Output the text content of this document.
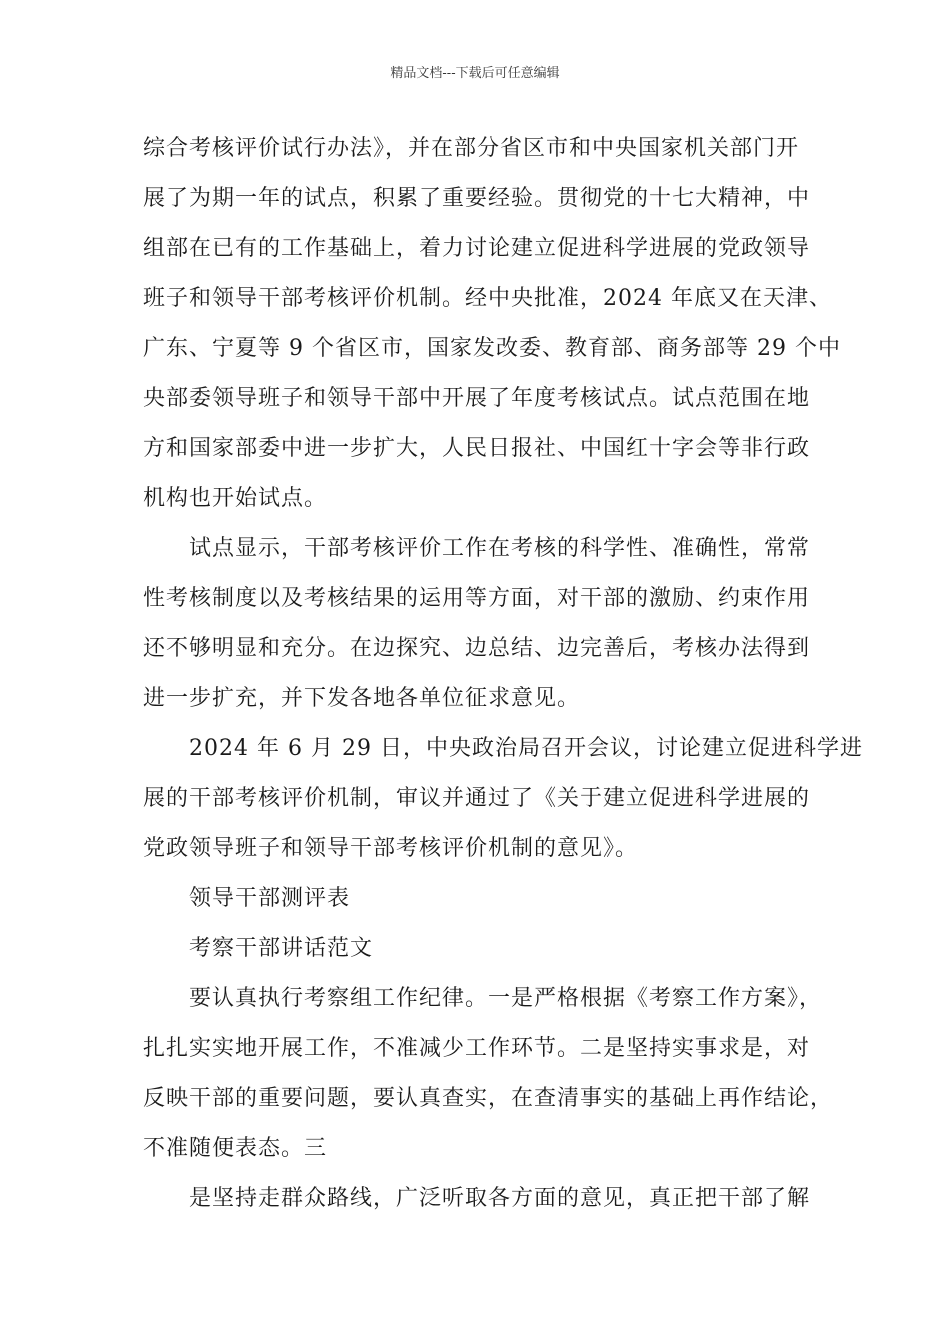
精品文档---下载后可任意编辑
综合考核评价试行办法》，并在部分省区市和中央国家机关部门开
展了为期一年的试点，积累了重要经验。贯彻党的十七大精神，中
组部在已有的工作基础上，着力讨论建立促进科学进展的党政领导
班子和领导干部考核评价机制。经中央批准，2024 年底又在天津、
广东、宁夏等 9 个省区市，国家发改委、教育部、商务部等 29 个中
央部委领导班子和领导干部中开展了年度考核试点。试点范围在地
方和国家部委中进一步扩大，人民日报社、中国红十字会等非行政
机构也开始试点。
试点显示，干部考核评价工作在考核的科学性、准确性，常常
性考核制度以及考核结果的运用等方面，对干部的激励、约束作用
还不够明显和充分。在边探究、边总结、边完善后，考核办法得到
进一步扩充，并下发各地各单位征求意见。
2024 年 6 月 29 日，中央政治局召开会议，讨论建立促进科学进
展的干部考核评价机制，审议并通过了《关于建立促进科学进展的
党政领导班子和领导干部考核评价机制的意见》。
领导干部测评表
考察干部讲话范文
要认真执行考察组工作纪律。一是严格根据《考察工作方案》，
扎扎实实地开展工作，不准减少工作环节。二是坚持实事求是，对
反映干部的重要问题，要认真查实，在查清事实的基础上再作结论，
不准随便表态。三
是坚持走群众路线，广泛听取各方面的意见，真正把干部了解
